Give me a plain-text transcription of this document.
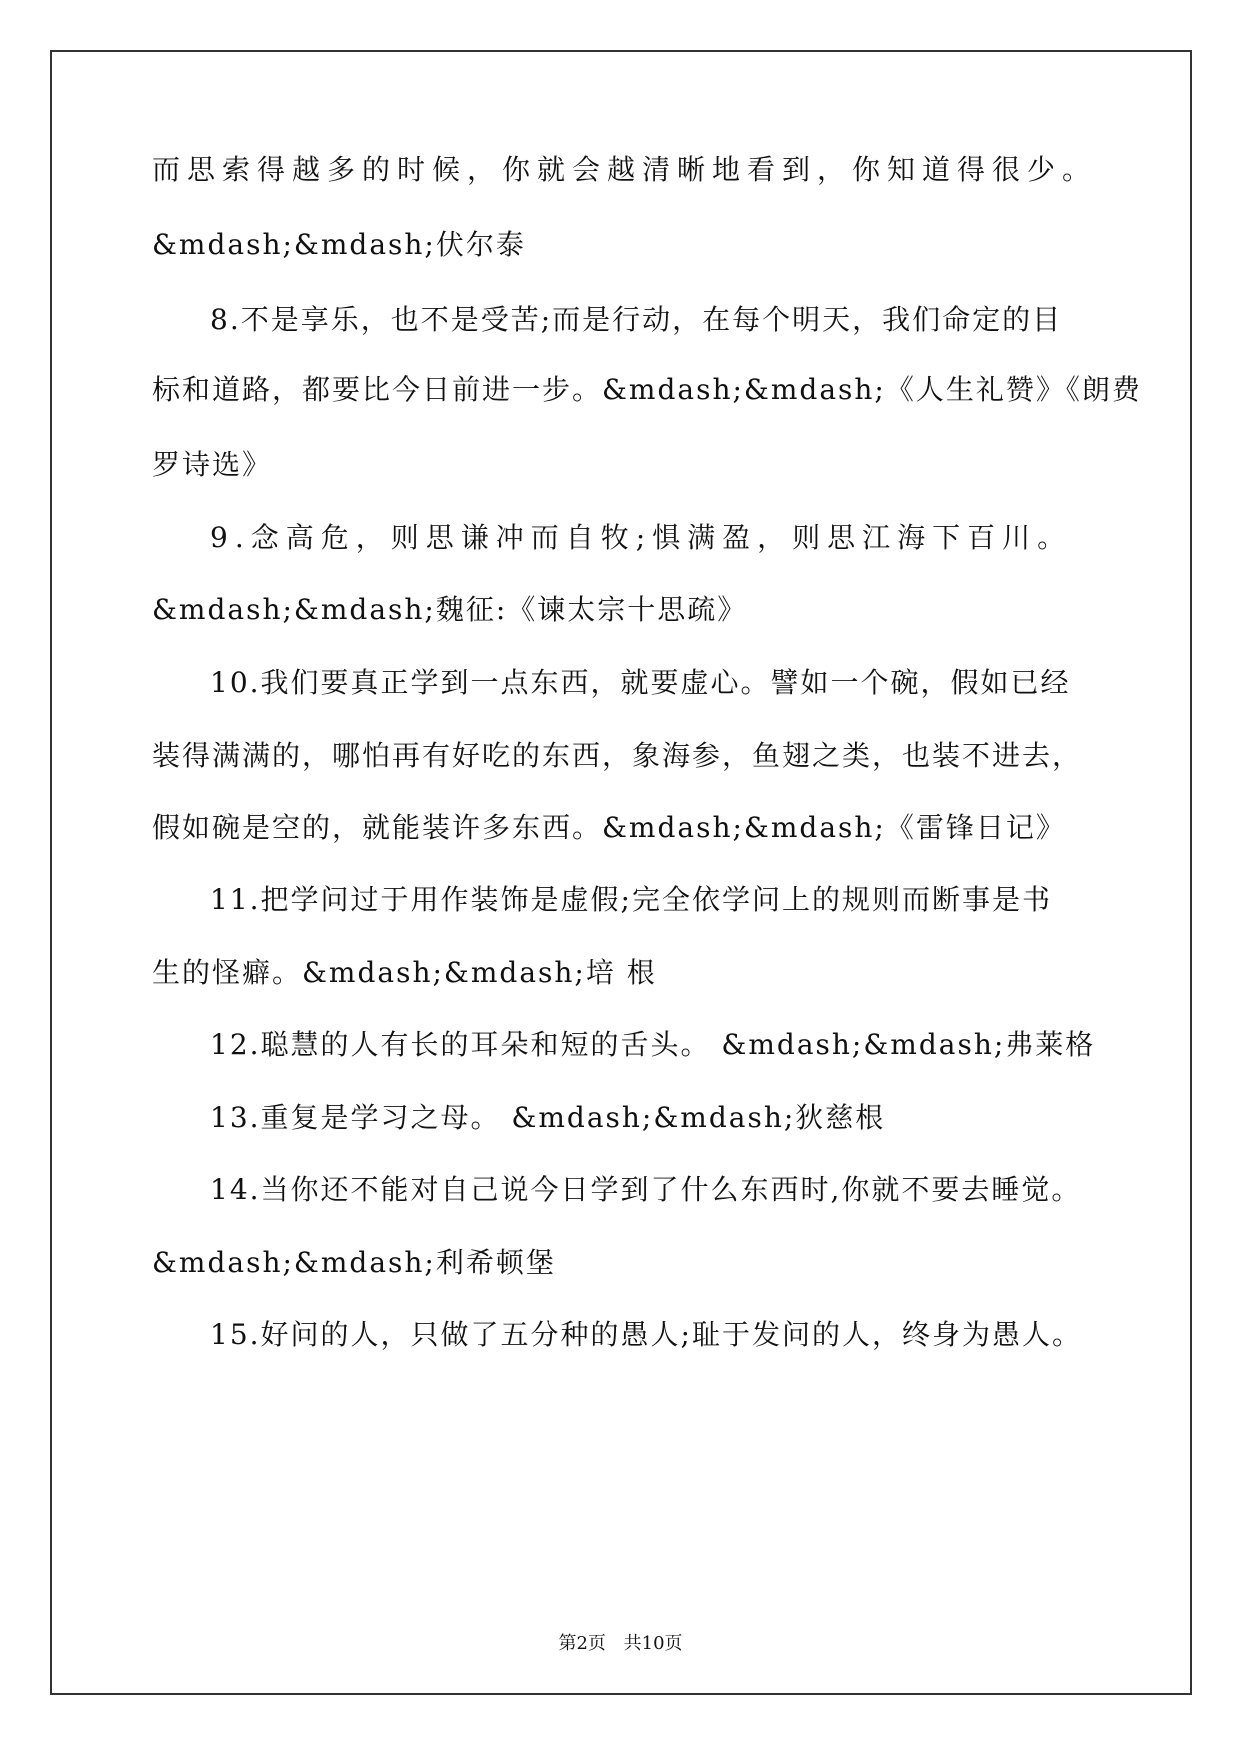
而思索得越多的时候，你就会越清晰地看到，你知道得很少。

&mdash;&mdash;伏尔泰

8.不是享乐，也不是受苦;而是行动，在每个明天，我们命定的目

标和道路，都要比今日前进一步。&mdash;&mdash;《人生礼赞》《朗费

罗诗选》

9.念高危，则思谦冲而自牧;惧满盈，则思江海下百川。

&mdash;&mdash;魏征:《谏太宗十思疏》

10.我们要真正学到一点东西，就要虚心。譬如一个碗，假如已经

装得满满的，哪怕再有好吃的东西，象海参，鱼翅之类，也装不进去，

假如碗是空的，就能装许多东西。&mdash;&mdash;《雷锋日记》

11.把学问过于用作装饰是虚假;完全依学问上的规则而断事是书

生的怪癖。&mdash;&mdash;培 根

12.聪慧的人有长的耳朵和短的舌头。 &mdash;&mdash;弗莱格

13.重复是学习之母。 &mdash;&mdash;狄慈根

14.当你还不能对自己说今日学到了什么东西时,你就不要去睡觉。

&mdash;&mdash;利希顿堡

15.好问的人，只做了五分种的愚人;耻于发问的人，终身为愚人。

第2页 共10页
